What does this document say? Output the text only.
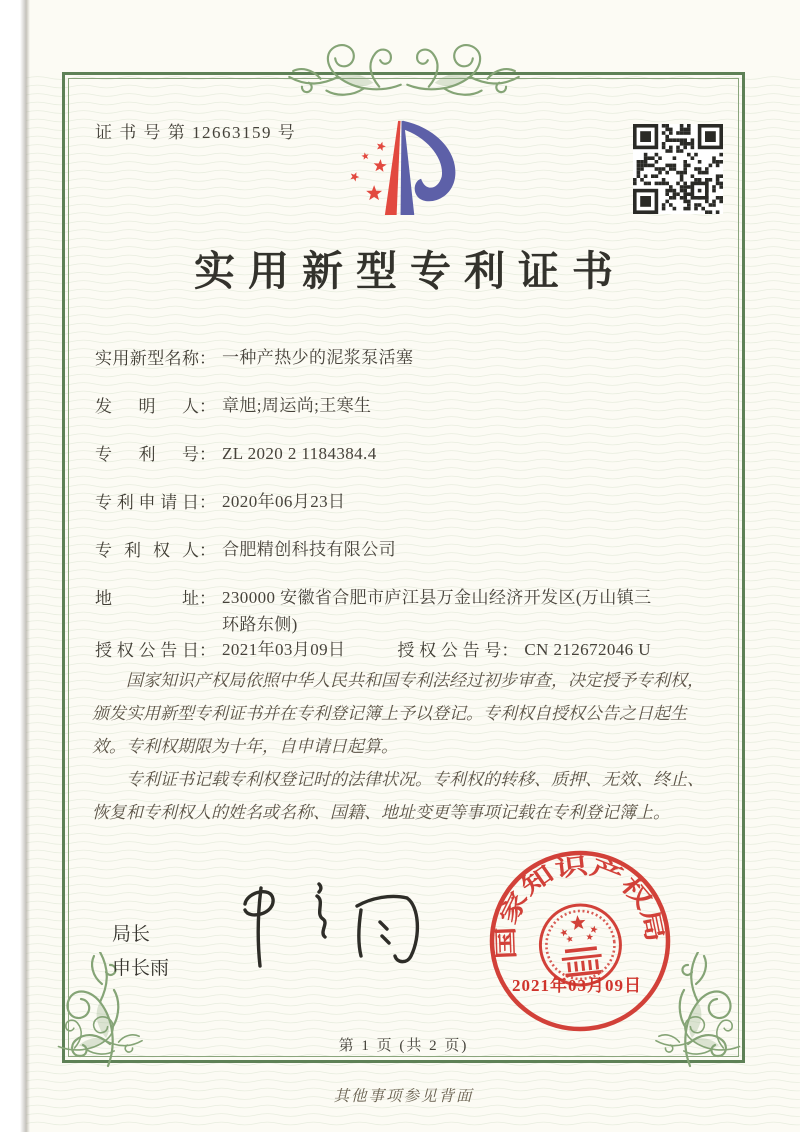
证 书 号 第 12663159 号
实用新型专利证书
实用新型名称 ： 一种产热少的泥浆泵活塞
发明人 ： 章旭;周运尚;王寒生
专利号 ： ZL 2020 2 1184384.4
专利申请日 ： 2020年06月23日
专利权人 ： 合肥精创科技有限公司
地址 ： 230000 安徽省合肥市庐江县万金山经济开发区(万山镇三环路东侧)
授权公告日 ： 2021年03月09日	授权公告号 ： CN 212672046 U

国家知识产权局依照中华人民共和国专利法经过初步审查，决定授予专利权，颁发实用新型专利证书并在专利登记簿上予以登记。专利权自授权公告之日起生效。专利权期限为十年，自申请日起算。

专利证书记载专利权登记时的法律状况。专利权的转移、质押、无效、终止、恢复和专利权人的姓名或名称、国籍、地址变更等事项记载在专利登记簿上。

局长
申长雨
国家知识产权局
2021年03月09日
第 1 页 (共 2 页)
其他事项参见背面
